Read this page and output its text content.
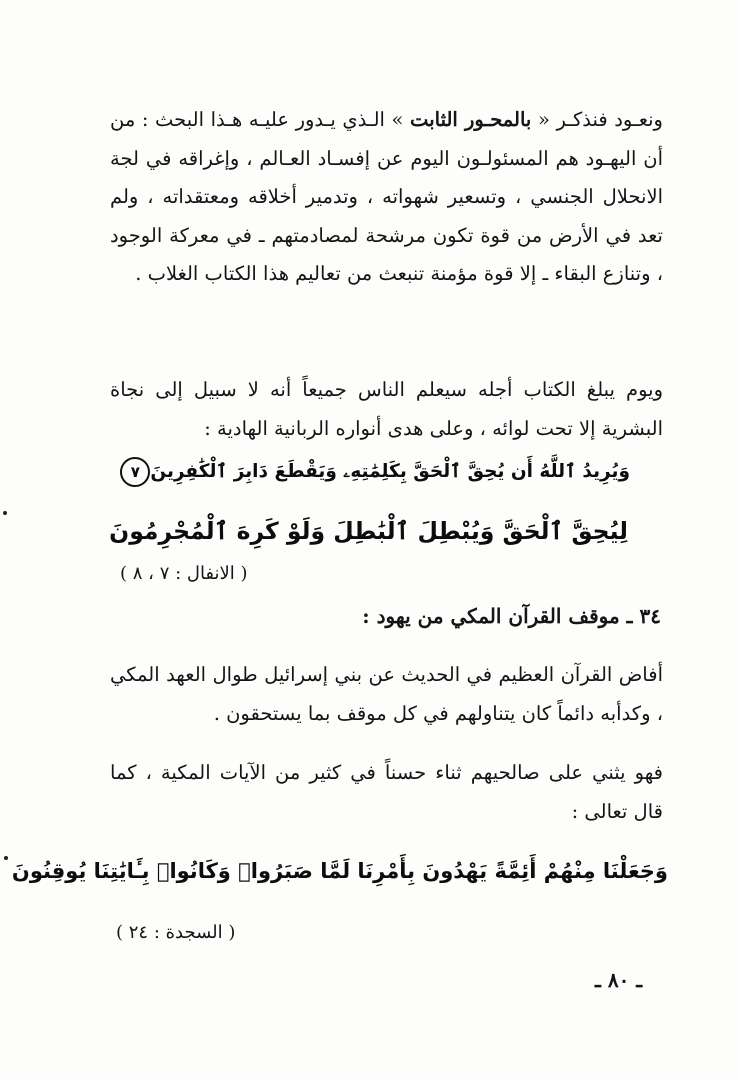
ونعـود فنذكـر « بالمحـور الثابت » الـذي يـدور عليـه هـذا البحث : من أن اليهـود هم المسئولـون اليوم عن إفسـاد العـالم ، وإغراقه في لجة الانحلال الجنسي ، وتسعير شهواته ، وتدمير أخلاقه ومعتقداته ، ولم تعد في الأرض من قوة تكون مرشحة لمصادمتهم ـ في معركة الوجود ، وتنازع البقاء ـ إلا قوة مؤمنة تنبعث من تعاليم هذا الكتاب الغلاب .

ويوم يبلغ الكتاب أجله سيعلم الناس جميعاً أنه لا سبيل إلى نجاة البشرية إلا تحت لوائه ، وعلى هدى أنواره الربانية الهادية :

وَيُرِيدُ ٱللَّهُ أَن يُحِقَّ ٱلْحَقَّ بِكَلِمَٰتِهِۦ وَيَقْطَعَ دَابِرَ ٱلْكَٰفِرِينَ٧

لِيُحِقَّ ٱلْحَقَّ وَيُبْطِلَ ٱلْبَٰطِلَ وَلَوْ كَرِهَ ٱلْمُجْرِمُونَ

( الانفال : ٧ ، ٨ )

٣٤ ـ موقف القرآن المكي من يهود :

أفاض القرآن العظيم في الحديث عن بني إسرائيل طوال العهد المكي ، وكدأبه دائماً كان يتناولهم في كل موقف بما يستحقون .

فهو يثني على صالحيهم ثناء حسناً في كثير من الآيات المكية ، كما قال تعالى :

وَجَعَلْنَا مِنْهُمْ أَئِمَّةً يَهْدُونَ بِأَمْرِنَا لَمَّا صَبَرُوا۟ وَكَانُوا۟ بِـَٔايَٰتِنَا يُوقِنُونَ

( السجدة : ٢٤ )

ـ ٨٠ ـ
